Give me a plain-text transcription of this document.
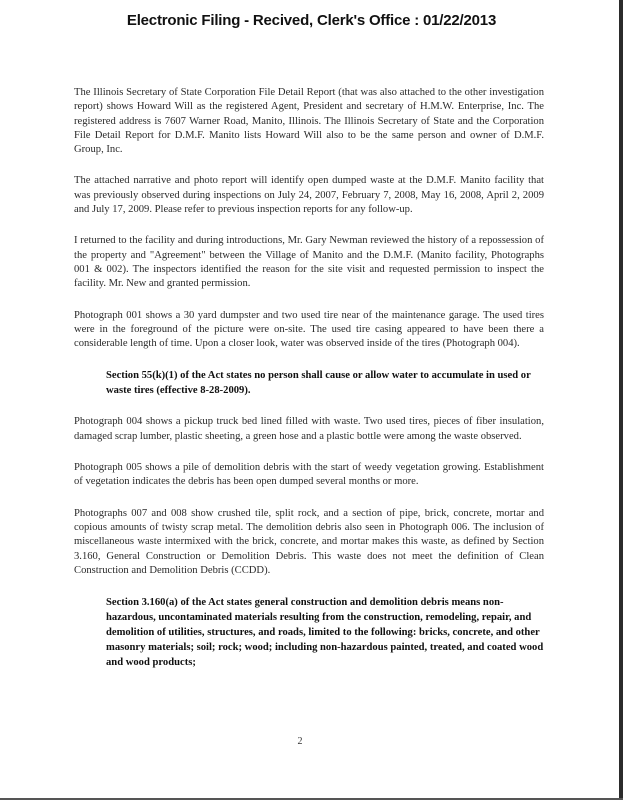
Electronic Filing - Recived, Clerk's Office : 01/22/2013

The Illinois Secretary of State Corporation File Detail Report (that was also attached to the other investigation report) shows Howard Will as the registered Agent, President and secretary of H.M.W. Enterprise, Inc. The registered address is 7607 Warner Road, Manito, Illinois. The Illinois Secretary of State and the Corporation File Detail Report for D.M.F. Manito lists Howard Will also to be the same person and owner of D.M.F. Group, Inc.

The attached narrative and photo report will identify open dumped waste at the D.M.F. Manito facility that was previously observed during inspections on July 24, 2007, February 7, 2008, May 16, 2008, April 2, 2009 and July 17, 2009. Please refer to previous inspection reports for any follow-up.

I returned to the facility and during introductions, Mr. Gary Newman reviewed the history of a repossession of the property and "Agreement" between the Village of Manito and the D.M.F. (Manito facility, Photographs 001 & 002). The inspectors identified the reason for the site visit and requested permission to inspect the facility. Mr. New and granted permission.

Photograph 001 shows a 30 yard dumpster and two used tire near of the maintenance garage. The used tires were in the foreground of the picture were on-site. The used tire casing appeared to have been there a considerable length of time. Upon a closer look, water was observed inside of the tires (Photograph 004).

Section 55(k)(1) of the Act states no person shall cause or allow water to accumulate in used or waste tires (effective 8-28-2009).

Photograph 004 shows a pickup truck bed lined filled with waste. Two used tires, pieces of fiber insulation, damaged scrap lumber, plastic sheeting, a green hose and a plastic bottle were among the waste observed.

Photograph 005 shows a pile of demolition debris with the start of weedy vegetation growing. Establishment of vegetation indicates the debris has been open dumped several months or more.

Photographs 007 and 008 show crushed tile, split rock, and a section of pipe, brick, concrete, mortar and copious amounts of twisty scrap metal. The demolition debris also seen in Photograph 006. The inclusion of miscellaneous waste intermixed with the brick, concrete, and mortar makes this waste, as defined by Section 3.160, General Construction or Demolition Debris. This waste does not meet the definition of Clean Construction and Demolition Debris (CCDD).

Section 3.160(a) of the Act states general construction and demolition debris means non-hazardous, uncontaminated materials resulting from the construction, remodeling, repair, and demolition of utilities, structures, and roads, limited to the following: bricks, concrete, and other masonry materials; soil; rock; wood; including non-hazardous painted, treated, and coated wood and wood products;

2
